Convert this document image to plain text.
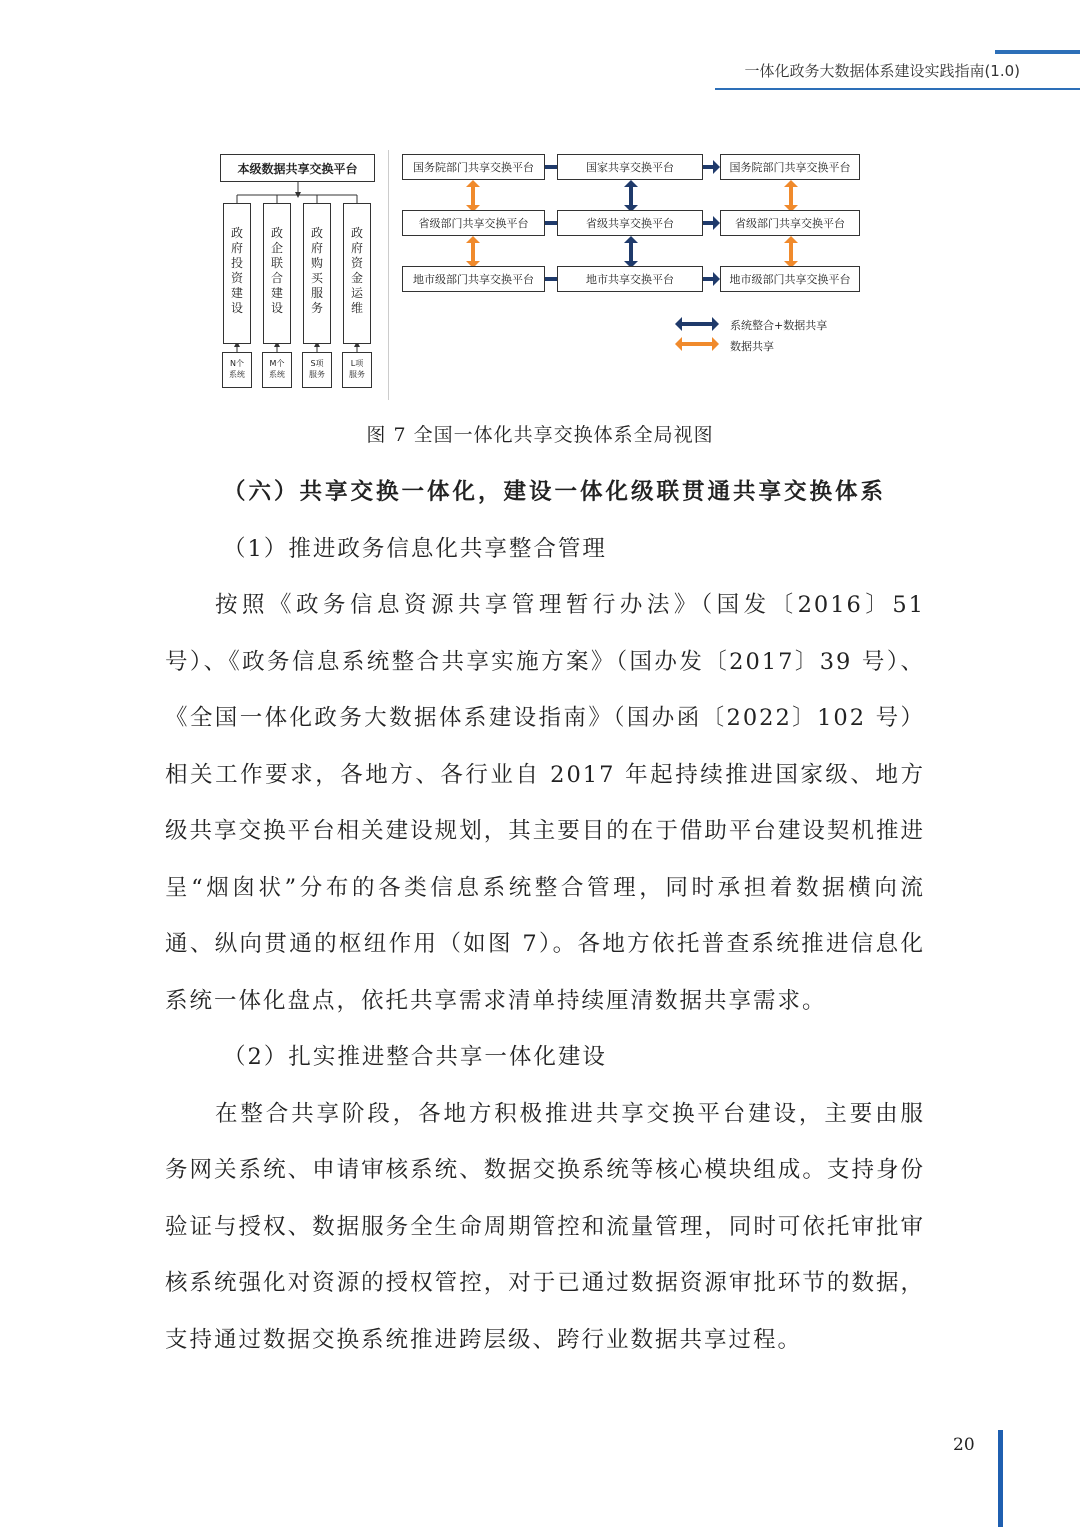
一体化政务大数据体系建设实践指南(1.0)
本级数据共享交换平台
政府投资建设
政企联合建设
政府购买服务
政府资金运维
N个
系统
M个
系统
S项
服务
L项
服务
国务院部门共享交换平台	国家共享交换平台	国务院部门共享交换平台
省级部门共享交换平台	省级共享交换平台	省级部门共享交换平台
地市级部门共享交换平台	地市共享交换平台	地市级部门共享交换平台
系统整合+数据共享
数据共享
图 7 全国一体化共享交换体系全局视图

（六）共享交换一体化，建设一体化级联贯通共享交换体系

（1）推进政务信息化共享整合管理

按照《政务信息资源共享管理暂行办法》（国发〔2016〕51 号）、《政务信息系统整合共享实施方案》（国办发〔2017〕39 号）、《全国一体化政务大数据体系建设指南》（国办函〔2022〕102 号）相关工作要求，各地方、各行业自 2017 年起持续推进国家级、地方级共享交换平台相关建设规划，其主要目的在于借助平台建设契机推进呈“烟囱状”分布的各类信息系统整合管理，同时承担着数据横向流通、纵向贯通的枢纽作用（如图 7）。各地方依托普查系统推进信息化系统一体化盘点，依托共享需求清单持续厘清数据共享需求。

（2）扎实推进整合共享一体化建设

在整合共享阶段，各地方积极推进共享交换平台建设，主要由服务网关系统、申请审核系统、数据交换系统等核心模块组成。支持身份验证与授权、数据服务全生命周期管控和流量管理，同时可依托审批审核系统强化对资源的授权管控，对于已通过数据资源审批环节的数据，支持通过数据交换系统推进跨层级、跨行业数据共享过程。

20
